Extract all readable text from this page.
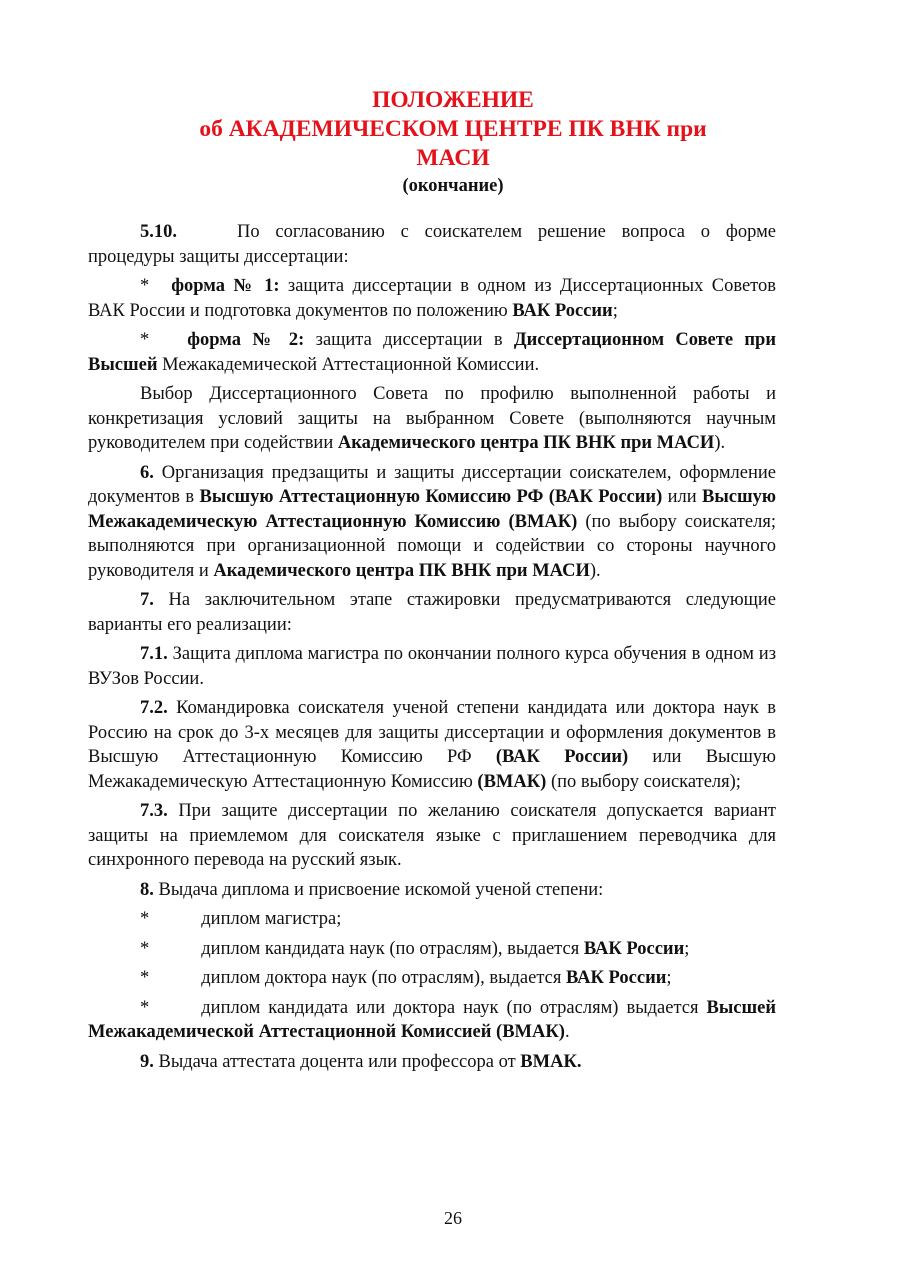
ПОЛОЖЕНИЕ
об АКАДЕМИЧЕСКОМ ЦЕНТРЕ ПК ВНК при
МАСИ
(окончание)

5.10.	По согласованию с соискателем решение вопроса о форме процедуры защиты диссертации:

* форма № 1: защита диссертации в одном из Диссертационных Советов ВАК России и подготовка документов по положению ВАК России;

* форма № 2: защита диссертации в Диссертационном Совете при Высшей Межакадемической Аттестационной Комиссии.

Выбор Диссертационного Совета по профилю выполненной работы и конкретизация условий защиты на выбранном Совете (выполняются научным руководителем при содействии Академического центра ПК ВНК при МАСИ).

6. Организация предзащиты и защиты диссертации соискателем, оформление документов в Высшую Аттестационную Комиссию РФ (ВАК России) или Высшую Межакадемическую Аттестационную Комиссию (ВМАК) (по выбору соискателя; выполняются при организационной помощи и содействии со стороны научного руководителя и Академического центра ПК ВНК при МАСИ).

7. На заключительном этапе стажировки предусматриваются следующие варианты его реализации:

7.1. Защита диплома магистра по окончании полного курса обучения в одном из ВУЗов России.

7.2. Командировка соискателя ученой степени кандидата или доктора наук в Россию на срок до 3-х месяцев для защиты диссертации и оформления документов в Высшую Аттестационную Комиссию РФ (ВАК России) или Высшую Межакадемическую Аттестационную Комиссию (ВМАК) (по выбору соискателя);

7.3. При защите диссертации по желанию соискателя допускается вариант защиты на приемлемом для соискателя языке с приглашением переводчика для синхронного перевода на русский язык.

8. Выдача диплома и присвоение искомой ученой степени:

*	диплом магистра;

*	диплом кандидата наук (по отраслям), выдается ВАК России;

*	диплом доктора наук (по отраслям), выдается ВАК России;

*	диплом кандидата или доктора наук (по отраслям) выдается Высшей Межакадемической Аттестационной Комиссией (ВМАК).

9. Выдача аттестата доцента или профессора от ВМАК.

26
